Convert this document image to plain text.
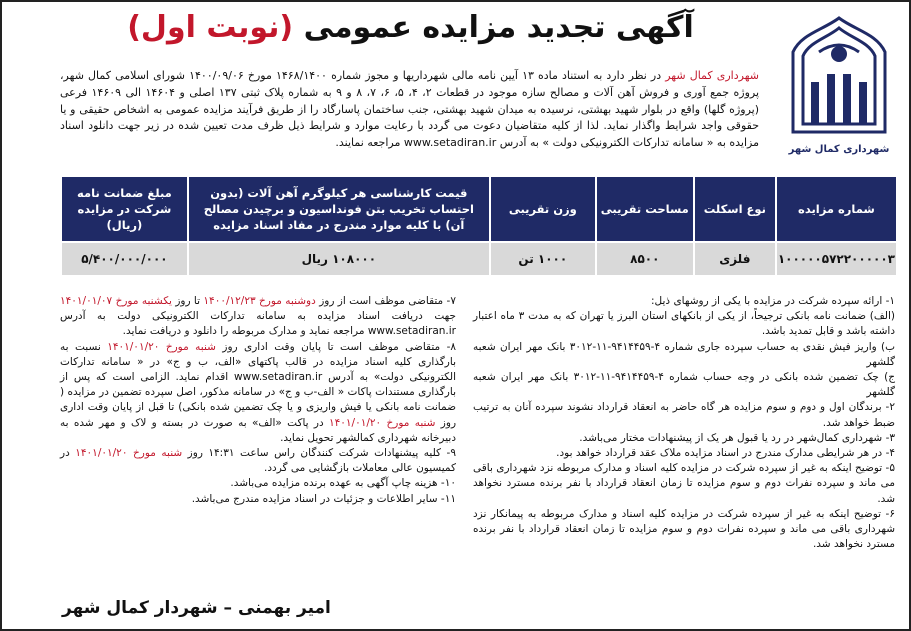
شهرداری کمال شهر
آگهی تجدید مزایده عمومی (نوبت اول)
شهرداری کمال شهر در نظر دارد به استناد ماده ۱۳ آیین نامه مالی شهرداریها و مجوز شماره ۱۴۶۸/۱۴۰۰ مورخ ۱۴۰۰/۰۹/۰۶ شورای اسلامی کمال شهر، پروژه جمع آوری و فروش آهن آلات و مصالح سازه موجود در قطعات ۲، ۴، ۵، ۶، ۷، ۸ و ۹ به شماره پلاک ثبتی ۱۳۷ اصلی و ۱۴۶۰۴ الی ۱۴۶۰۹ فرعی (پروژه گلها) واقع در بلوار شهید بهشتی، نرسیده به میدان شهید بهشتی، جنب ساختمان پاسارگاد را از طریق فرآیند مزایده عمومی به اشخاص حقیقی و یا حقوقی واجد شرایط واگذار نماید. لذا از کلیه متقاضیان دعوت می گردد با رعایت موارد و شرایط ذیل ظرف مدت تعیین شده در زیر جهت دانلود اسناد مزایده به « سامانه تدارکات الکترونیکی دولت » به آدرس www.setadiran.ir مراجعه نمایند.
شماره مزایده	نوع اسکلت	مساحت تقریبی	وزن تقریبی	قیمت کارشناسی هر کیلوگرم آهن آلات (بدون احتساب تخریب بتن فونداسیون و برچیدن مصالح آن) با کلیه موارد مندرج در مفاد اسناد مزایده	مبلغ ضمانت نامه شرکت در مزایده (ریال)
۱۰۰۰۰۰۵۷۲۲۰۰۰۰۰۳	فلزی	۸۵۰۰	۱۰۰۰ تن	۱۰۸۰۰۰ ریال	۵/۴۰۰/۰۰۰/۰۰۰

۱- ارائه سپرده شرکت در مزایده با یکی از روشهای ذیل:

(الف) ضمانت نامه بانکی ترجیحاً، از یکی از بانکهای استان البرز یا تهران که به مدت ۳ ماه اعتبار داشته باشد و قابل تمدید باشد.

ب) واریز فیش نقدی به حساب سپرده جاری شماره ۴-۹۴۱۴۴۵۹-۱۱-۳۰۱۲ بانک مهر ایران شعبه گلشهر

ج) چک تضمین شده بانکی در وجه حساب شماره ۴-۹۴۱۴۴۵۹-۱۱-۳۰۱۲ بانک مهر ایران شعبه گلشهر

۲- برندگان اول و دوم و سوم مزایده هر گاه حاضر به انعقاد قرارداد نشوند سپرده آنان به ترتیب ضبط خواهد شد.

۳- شهرداری کمال‌شهر در رد یا قبول هر یک از پیشنهادات مختار می‌باشد.

۴- در هر شرایطی مدارک مندرج در اسناد مزایده ملاک عقد قرارداد خواهد بود.

۵- توضیح اینکه به غیر از سپرده شرکت در مزایده کلیه اسناد و مدارک مربوطه نزد شهرداری باقی می ماند و سپرده نفرات دوم و سوم مزایده تا زمان انعقاد قرارداد با نفر برنده مسترد نخواهد شد.

۶- توضیح اینکه به غیر از سپرده شرکت در مزایده کلیه اسناد و مدارک مربوطه به پیمانکار نزد شهرداری باقی می ماند و سپرده نفرات دوم و سوم مزایده تا زمان انعقاد قرارداد با نفر برنده مسترد نخواهد شد.

۷- متقاضی موظف است از روز دوشنبه مورخ ۱۴۰۰/۱۲/۲۳ تا روز یکشنبه مورخ ۱۴۰۱/۰۱/۰۷ جهت دریافت اسناد مزایده به سامانه تدارکات الکترونیکی دولت به آدرس www.setadiran.ir مراجعه نماید و مدارک مربوطه را دانلود و دریافت نماید.

۸- متقاضی موظف است تا پایان وقت اداری روز شنبه مورخ ۱۴۰۱/۰۱/۲۰ نسبت به بارگذاری کلیه اسناد مزایده در قالب پاکتهای «الف، ب و ج» در « سامانه تدارکات الکترونیکی دولت» به آدرس www.setadiran.ir اقدام نماید. الزامی است که پس از بارگذاری مستندات پاکات « الف-ب و ج» در سامانه مذکور، اصل سپرده تضمین در مزایده ( ضمانت نامه بانکی یا فیش واریزی و یا چک تضمین شده بانکی) تا قبل از پایان وقت اداری روز شنبه مورخ ۱۴۰۱/۰۱/۲۰ در پاکت «الف» به صورت در بسته و لاک و مهر شده به دبیرخانه شهرداری کمالشهر تحویل نماید.

۹- کلیه پیشنهادات شرکت کنندگان راس ساعت ۱۴:۳۱ روز شنبه مورخ ۱۴۰۱/۰۱/۲۰ در کمیسیون عالی معاملات بازگشایی می گردد.

۱۰- هزینه چاپ آگهی به عهده برنده مزایده می‌باشد.

۱۱- سایر اطلاعات و جزئیات در اسناد مزایده مندرج می‌باشد.

امیر بهمنی – شهردار کمال شهر
